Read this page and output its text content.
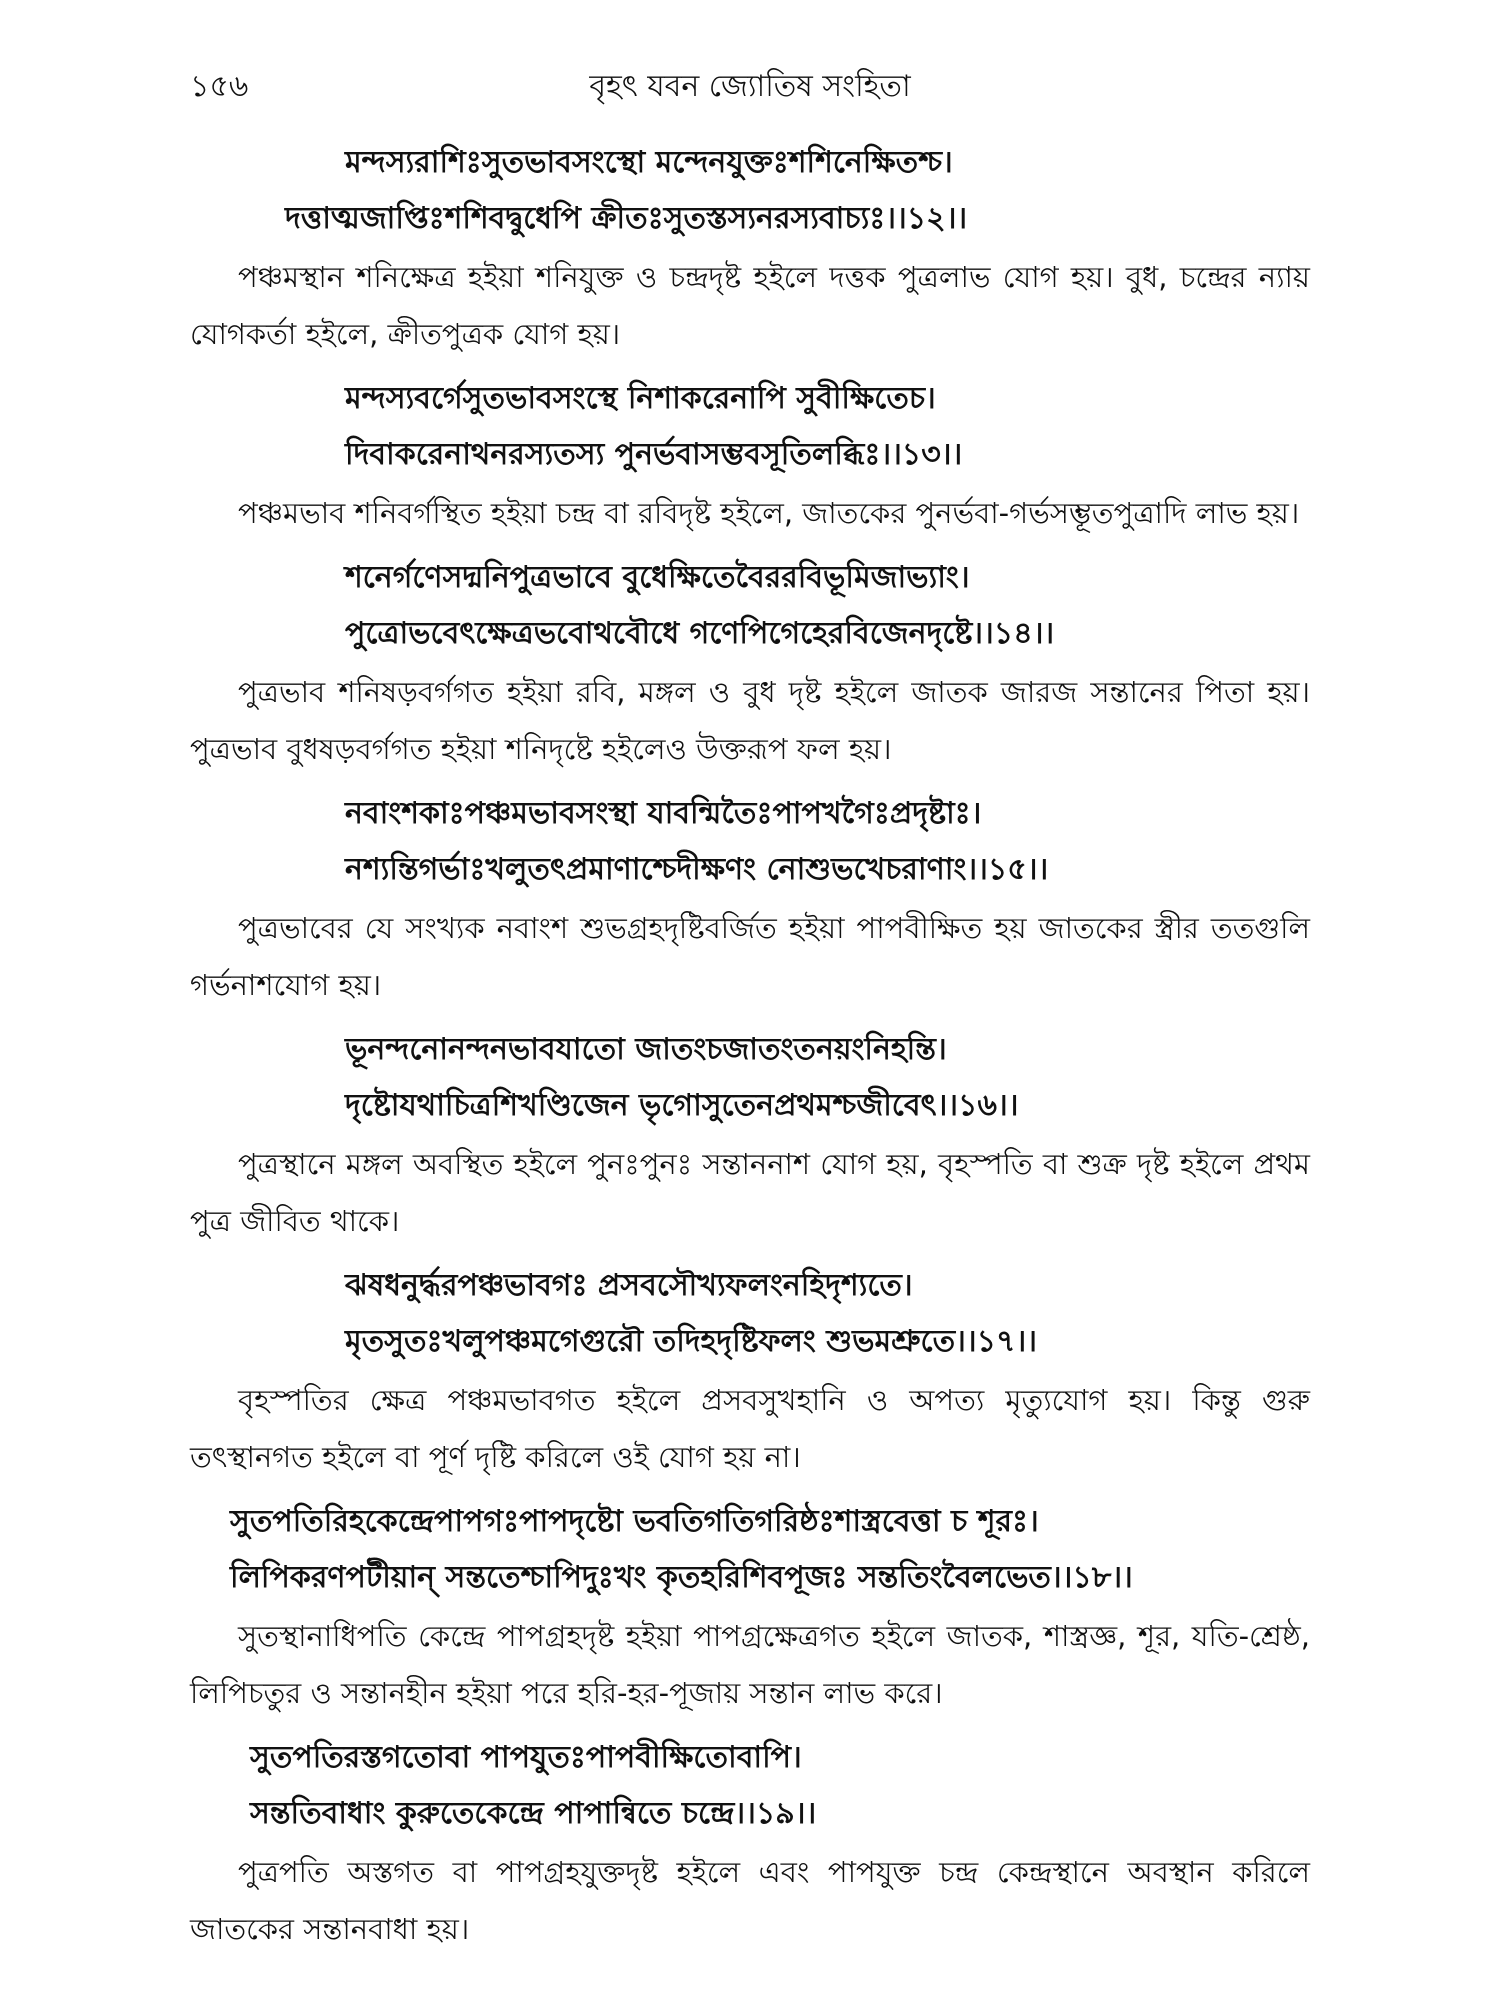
১৫৬	বৃহৎ যবন জ্যোতিষ সংহিতা
মন্দস্যরাশিঃসুতভাবসংস্থো মন্দেনযুক্তঃশশিনেক্ষিতশ্চ।
দত্তাত্মজাপ্তিঃশশিবদ্বুধেপি ক্রীতঃসুতস্তস্যনরস্যবাচ্যঃ।।১২।।

পঞ্চমস্থান শনিক্ষেত্র হইয়া শনিযুক্ত ও চন্দ্রদৃষ্ট হইলে দত্তক পুত্রলাভ যোগ হয়। বুধ, চন্দ্রের ন্যায় যোগকর্তা হইলে, ক্রীতপুত্রক যোগ হয়।

মন্দস্যবর্গেসুতভাবসংস্থে নিশাকরেনাপি সুবীক্ষিতেচ।
দিবাকরেনাথনরস্যতস্য পুনর্ভবাসম্ভবসূতিলব্ধিঃ।।১৩।।

পঞ্চমভাব শনিবর্গস্থিত হইয়া চন্দ্র বা রবিদৃষ্ট হইলে, জাতকের পুনর্ভবা-গর্ভসম্ভূতপুত্রাদি লাভ হয়।

শনের্গণেসদ্মনিপুত্রভাবে বুধেক্ষিতেবৈররবিভূমিজাভ্যাং।
পুত্রোভবেৎক্ষেত্রভবোথবৌধে গণেপিগেহেরবিজেনদৃষ্টে।।১৪।।

পুত্রভাব শনিষড়বর্গগত হইয়া রবি, মঙ্গল ও বুধ দৃষ্ট হইলে জাতক জারজ সন্তানের পিতা হয়। পুত্রভাব বুধষড়বর্গগত হইয়া শনিদৃষ্টে হইলেও উক্তরূপ ফল হয়।

নবাংশকাঃপঞ্চমভাবসংস্থা যাবন্মিতৈঃপাপখগৈঃপ্রদৃষ্টাঃ।
নশ্যন্তিগর্ভাঃখলুতৎপ্রমাণাশ্চেদীক্ষণং নোশুভখেচরাণাং।।১৫।।

পুত্রভাবের যে সংখ্যক নবাংশ শুভগ্রহদৃষ্টিবর্জিত হইয়া পাপবীক্ষিত হয় জাতকের স্ত্রীর ততগুলি গর্ভনাশযোগ হয়।

ভূনন্দনোনন্দনভাবযাতো জাতংচজাতংতনয়ংনিহন্তি।
দৃষ্টোযথাচিত্রশিখণ্ডিজেন ভৃগোসুতেনপ্রথমশ্চজীবেৎ।।১৬।।

পুত্রস্থানে মঙ্গল অবস্থিত হইলে পুনঃপুনঃ সন্তাননাশ যোগ হয়, বৃহস্পতি বা শুক্র দৃষ্ট হইলে প্রথম পুত্র জীবিত থাকে।

ঝষধনুর্দ্ধরপঞ্চভাবগঃ প্রসবসৌখ্যফলংনহিদৃশ্যতে।
মৃতসুতঃখলুপঞ্চমগেগুরৌ তদিহদৃষ্টিফলং শুভমশ্রুতে।।১৭।।

বৃহস্পতির ক্ষেত্র পঞ্চমভাবগত হইলে প্রসবসুখহানি ও অপত্য মৃত্যুযোগ হয়। কিন্তু গুরু তৎস্থানগত হইলে বা পূর্ণ দৃষ্টি করিলে ওই যোগ হয় না।

সুতপতিরিহকেন্দ্রেপাপগঃপাপদৃষ্টো ভবতিগতিগরিষ্ঠঃশাস্ত্রবেত্তা চ শূরঃ।
লিপিকরণপটীয়ান্ সন্ততেশ্চাপিদুঃখং কৃতহরিশিবপূজঃ সন্ততিংবৈলভেত।।১৮।।

সুতস্থানাধিপতি কেন্দ্রে পাপগ্রহদৃষ্ট হইয়া পাপগ্রক্ষেত্রগত হইলে জাতক, শাস্ত্রজ্ঞ, শূর, যতি-শ্রেষ্ঠ, লিপিচতুর ও সন্তানহীন হইয়া পরে হরি-হর-পূজায় সন্তান লাভ করে।

সুতপতিরস্তগতোবা পাপযুতঃপাপবীক্ষিতোবাপি।
সন্ততিবাধাং কুরুতেকেন্দ্রে পাপান্বিতে চন্দ্রে।।১৯।।

পুত্রপতি অস্তগত বা পাপগ্রহযুক্তদৃষ্ট হইলে এবং পাপযুক্ত চন্দ্র কেন্দ্রস্থানে অবস্থান করিলে জাতকের সন্তানবাধা হয়।
